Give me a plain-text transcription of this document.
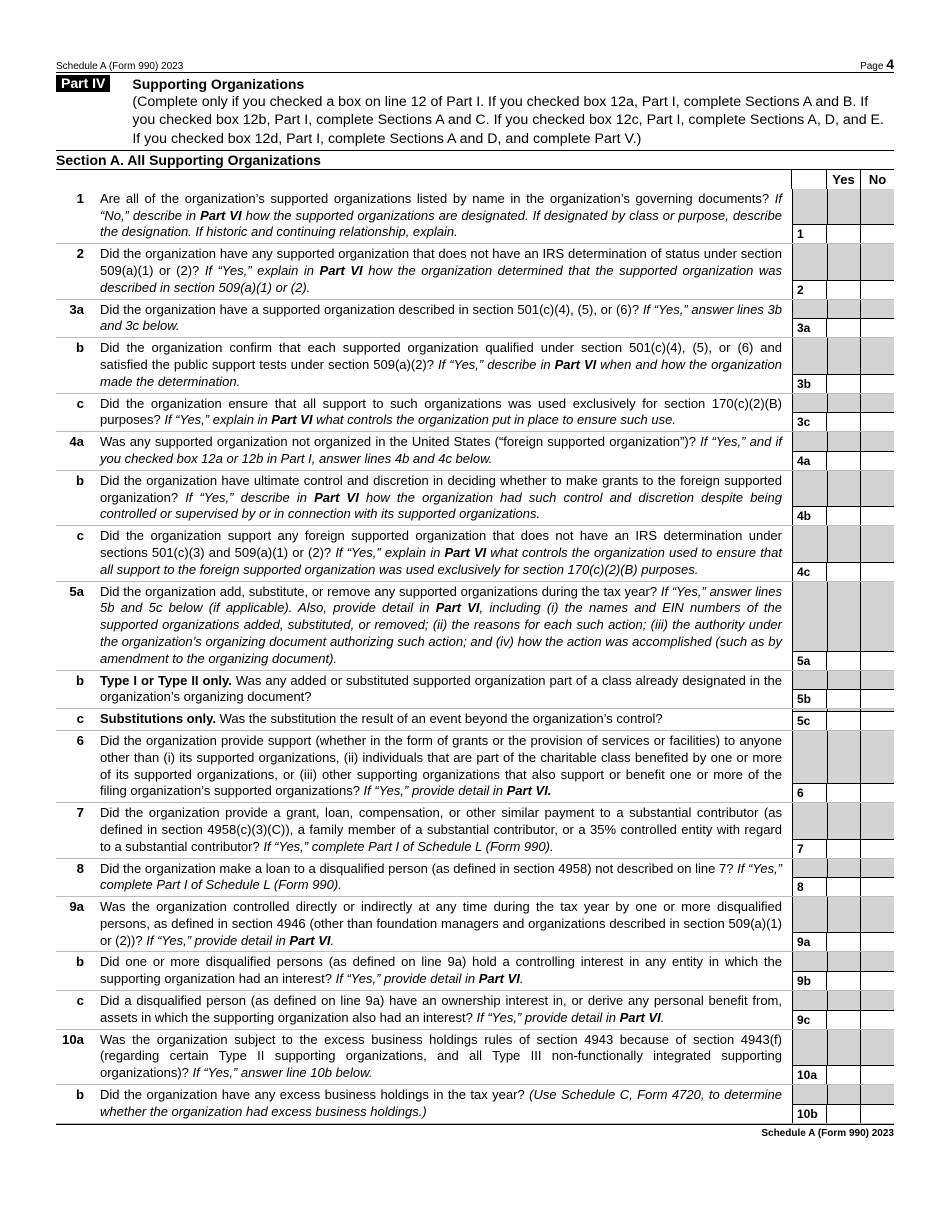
Schedule A (Form 990) 2023	Page 4
Part IV	Supporting Organizations
(Complete only if you checked a box on line 12 of Part I. If you checked box 12a, Part I, complete Sections A and B. If you checked box 12b, Part I, complete Sections A and C. If you checked box 12c, Part I, complete Sections A, D, and E. If you checked box 12d, Part I, complete Sections A and D, and complete Part V.)
Section A. All Supporting Organizations
Yes	No
1	Are all of the organization’s supported organizations listed by name in the organization’s governing documents? If “No,” describe in Part VI how the supported organizations are designated. If designated by class or purpose, describe the designation. If historic and continuing relationship, explain.	1
2	Did the organization have any supported organization that does not have an IRS determination of status under section 509(a)(1) or (2)? If “Yes,” explain in Part VI how the organization determined that the supported organization was described in section 509(a)(1) or (2).	2
3a	Did the organization have a supported organization described in section 501(c)(4), (5), or (6)? If “Yes,” answer lines 3b and 3c below.	3a
b	Did the organization confirm that each supported organization qualified under section 501(c)(4), (5), or (6) and satisfied the public support tests under section 509(a)(2)? If “Yes,” describe in Part VI when and how the organization made the determination.	3b
c	Did the organization ensure that all support to such organizations was used exclusively for section 170(c)(2)(B) purposes? If “Yes,” explain in Part VI what controls the organization put in place to ensure such use.	3c
4a	Was any supported organization not organized in the United States (“foreign supported organization”)? If “Yes,” and if you checked box 12a or 12b in Part I, answer lines 4b and 4c below.	4a
b	Did the organization have ultimate control and discretion in deciding whether to make grants to the foreign supported organization? If “Yes,” describe in Part VI how the organization had such control and discretion despite being controlled or supervised by or in connection with its supported organizations.	4b
c	Did the organization support any foreign supported organization that does not have an IRS determination under sections 501(c)(3) and 509(a)(1) or (2)? If “Yes,” explain in Part VI what controls the organization used to ensure that all support to the foreign supported organization was used exclusively for section 170(c)(2)(B) purposes.	4c
5a	Did the organization add, substitute, or remove any supported organizations during the tax year? If “Yes,” answer lines 5b and 5c below (if applicable). Also, provide detail in Part VI, including (i) the names and EIN numbers of the supported organizations added, substituted, or removed; (ii) the reasons for each such action; (iii) the authority under the organization’s organizing document authorizing such action; and (iv) how the action was accomplished (such as by amendment to the organizing document).	5a
b	Type I or Type II only. Was any added or substituted supported organization part of a class already designated in the organization’s organizing document?	5b
c	Substitutions only. Was the substitution the result of an event beyond the organization’s control?	5c
6	Did the organization provide support (whether in the form of grants or the provision of services or facilities) to anyone other than (i) its supported organizations, (ii) individuals that are part of the charitable class benefited by one or more of its supported organizations, or (iii) other supporting organizations that also support or benefit one or more of the filing organization’s supported organizations? If “Yes,” provide detail in Part VI.	6
7	Did the organization provide a grant, loan, compensation, or other similar payment to a substantial contributor (as defined in section 4958(c)(3)(C)), a family member of a substantial contributor, or a 35% controlled entity with regard to a substantial contributor? If “Yes,” complete Part I of Schedule L (Form 990).	7
8	Did the organization make a loan to a disqualified person (as defined in section 4958) not described on line 7? If “Yes,” complete Part I of Schedule L (Form 990).	8
9a	Was the organization controlled directly or indirectly at any time during the tax year by one or more disqualified persons, as defined in section 4946 (other than foundation managers and organizations described in section 509(a)(1) or (2))? If “Yes,” provide detail in Part VI.	9a
b	Did one or more disqualified persons (as defined on line 9a) hold a controlling interest in any entity in which the supporting organization had an interest? If “Yes,” provide detail in Part VI.	9b
c	Did a disqualified person (as defined on line 9a) have an ownership interest in, or derive any personal benefit from, assets in which the supporting organization also had an interest? If “Yes,” provide detail in Part VI.	9c
10a	Was the organization subject to the excess business holdings rules of section 4943 because of section 4943(f) (regarding certain Type II supporting organizations, and all Type III non-functionally integrated supporting organizations)? If “Yes,” answer line 10b below.	10a
b	Did the organization have any excess business holdings in the tax year? (Use Schedule C, Form 4720, to determine whether the organization had excess business holdings.)	10b
Schedule A (Form 990) 2023
